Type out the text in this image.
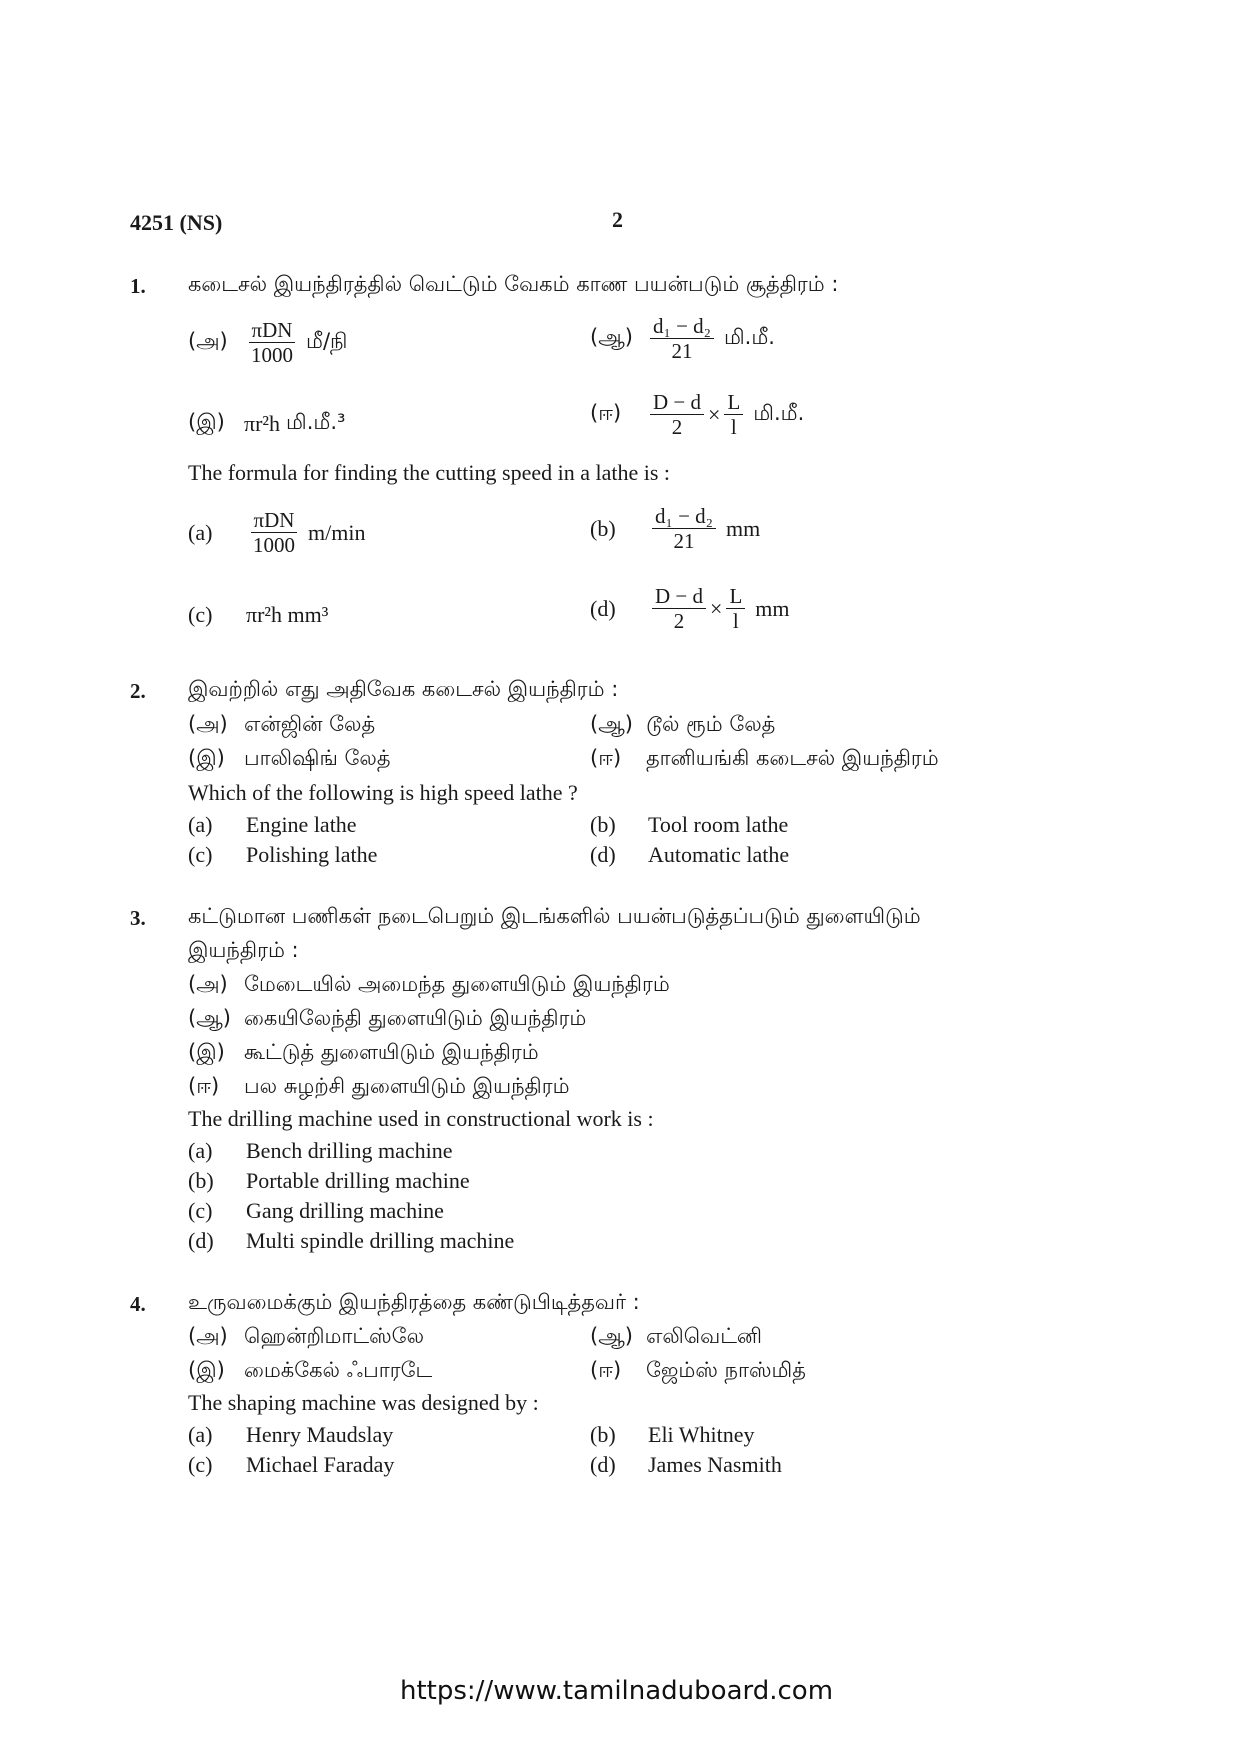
4251 (NS)	2
1. கடைசல் இயந்திரத்தில் வெட்டும் வேகம் காண பயன்படும் சூத்திரம் :
(அ) $\frac{\text{πDN}}{1000}$ மீ/நி	(ஆ) $\frac{\text{d₁ − d₂}}{21}$ மி.மீ.
(இ) πr²h மி.மீ.³	(ஈ)	$\frac{D - d}{2} \times \frac{L}{l}$ மி.மீ.
The formula for finding the cutting speed in a lathe is :
(a)	$\frac{\text{πDN}}{1000} m/\min$	(b)	$\frac{\text{d₁ − d₂}}{21}$ mm
(c)	πr²h mm³	(d)	$\frac{D - d}{2} \times \frac{L}{l}$ mm
2. இவற்றில் எது அதிவேக கடைசல் இயந்திரம் :
(அ) என்ஜின் லேத்	(ஆ) டூல் ரூம் லேத்
(இ) பாலிஷிங் லேத்	(ஈ) தானியங்கி கடைசல் இயந்திரம்
Which of the following is high speed lathe ?
(a) Engine lathe	(b) Tool room lathe
(c) Polishing lathe	(d) Automatic lathe
3. கட்டுமான பணிகள் நடைபெறும் இடங்களில் பயன்படுத்தப்படும் துளையிடும்
இயந்திரம் :
(அ) மேடையில் அமைந்த துளையிடும் இயந்திரம்
(ஆ) கையிலேந்தி துளையிடும் இயந்திரம்
(இ) கூட்டுத் துளையிடும் இயந்திரம்
(ஈ) பல சுழற்சி துளையிடும் இயந்திரம்
The drilling machine used in constructional work is :
(a) Bench drilling machine
(b) Portable drilling machine
(c) Gang drilling machine
(d) Multi spindle drilling machine
4. உருவமைக்கும் இயந்திரத்தை கண்டுபிடித்தவர் :
(அ) ஹென்றிமாட்ஸ்லே	(ஆ) எலிவெட்னி
(இ) மைக்கேல் ஃபாரடே	(ஈ) ஜேம்ஸ் நாஸ்மித்
The shaping machine was designed by :
(a) Henry Maudslay	(b) Eli Whitney
(c) Michael Faraday	(d) James Nasmith
https://www.tamilnaduboard.com
